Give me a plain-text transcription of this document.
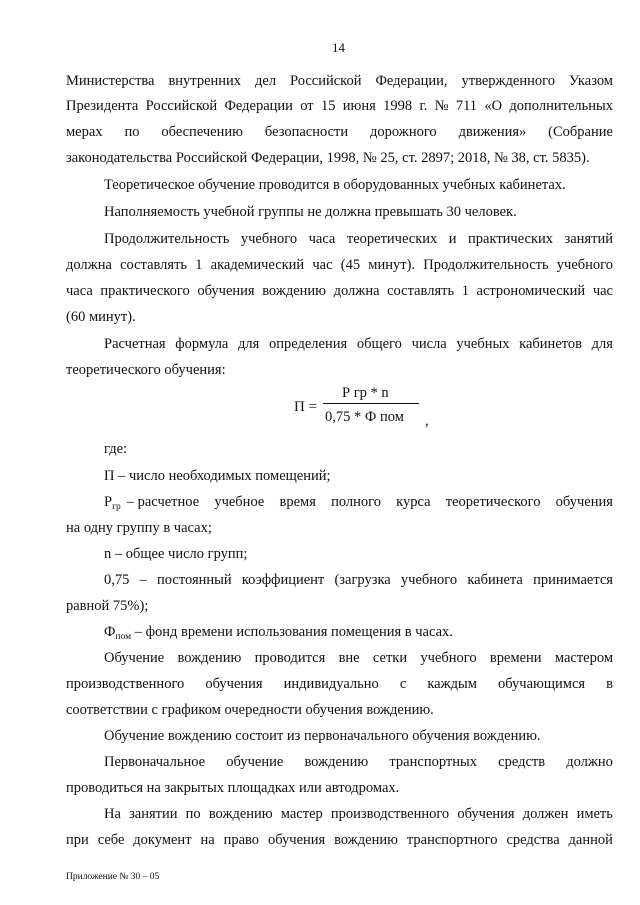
14
Министерства внутренних дел Российской Федерации, утвержденного Указом
Президента Российской Федерации от 15 июня 1998 г. № 711 «О дополнительных
мерах по обеспечению безопасности дорожного движения» (Собрание
законодательства Российской Федерации, 1998, № 25, ст. 2897; 2018, № 38, ст. 5835).
Теоретическое обучение проводится в оборудованных учебных кабинетах.
Наполняемость учебной группы не должна превышать 30 человек.
Продолжительность учебного часа теоретических и практических занятий
должна составлять 1 академический час (45 минут). Продолжительность учебного
часа практического обучения вождению должна составлять 1 астрономический час
(60 минут).
Расчетная формула для определения общего числа учебных кабинетов для
теоретического обучения:
П =
Р гр * n
0,75 * Ф пом ,
где:
П – число необходимых помещений;
$Р_{гр}$ – расчетное учебное время полного курса теоретического обучения
на одну группу в часах;
n – общее число групп;
0,75 – постоянный коэффициент (загрузка учебного кабинета принимается
равной 75%);
$Ф_{пом}$ – фонд времени использования помещения в часах.
Обучение вождению проводится вне сетки учебного времени мастером
производственного обучения индивидуально с каждым обучающимся в
соответствии с графиком очередности обучения вождению.
Обучение вождению состоит из первоначального обучения вождению.
Первоначальное обучение вождению транспортных средств должно
проводиться на закрытых площадках или автодромах.
На занятии по вождению мастер производственного обучения должен иметь
при себе документ на право обучения вождению транспортного средства данной
Приложение № 30 – 05
